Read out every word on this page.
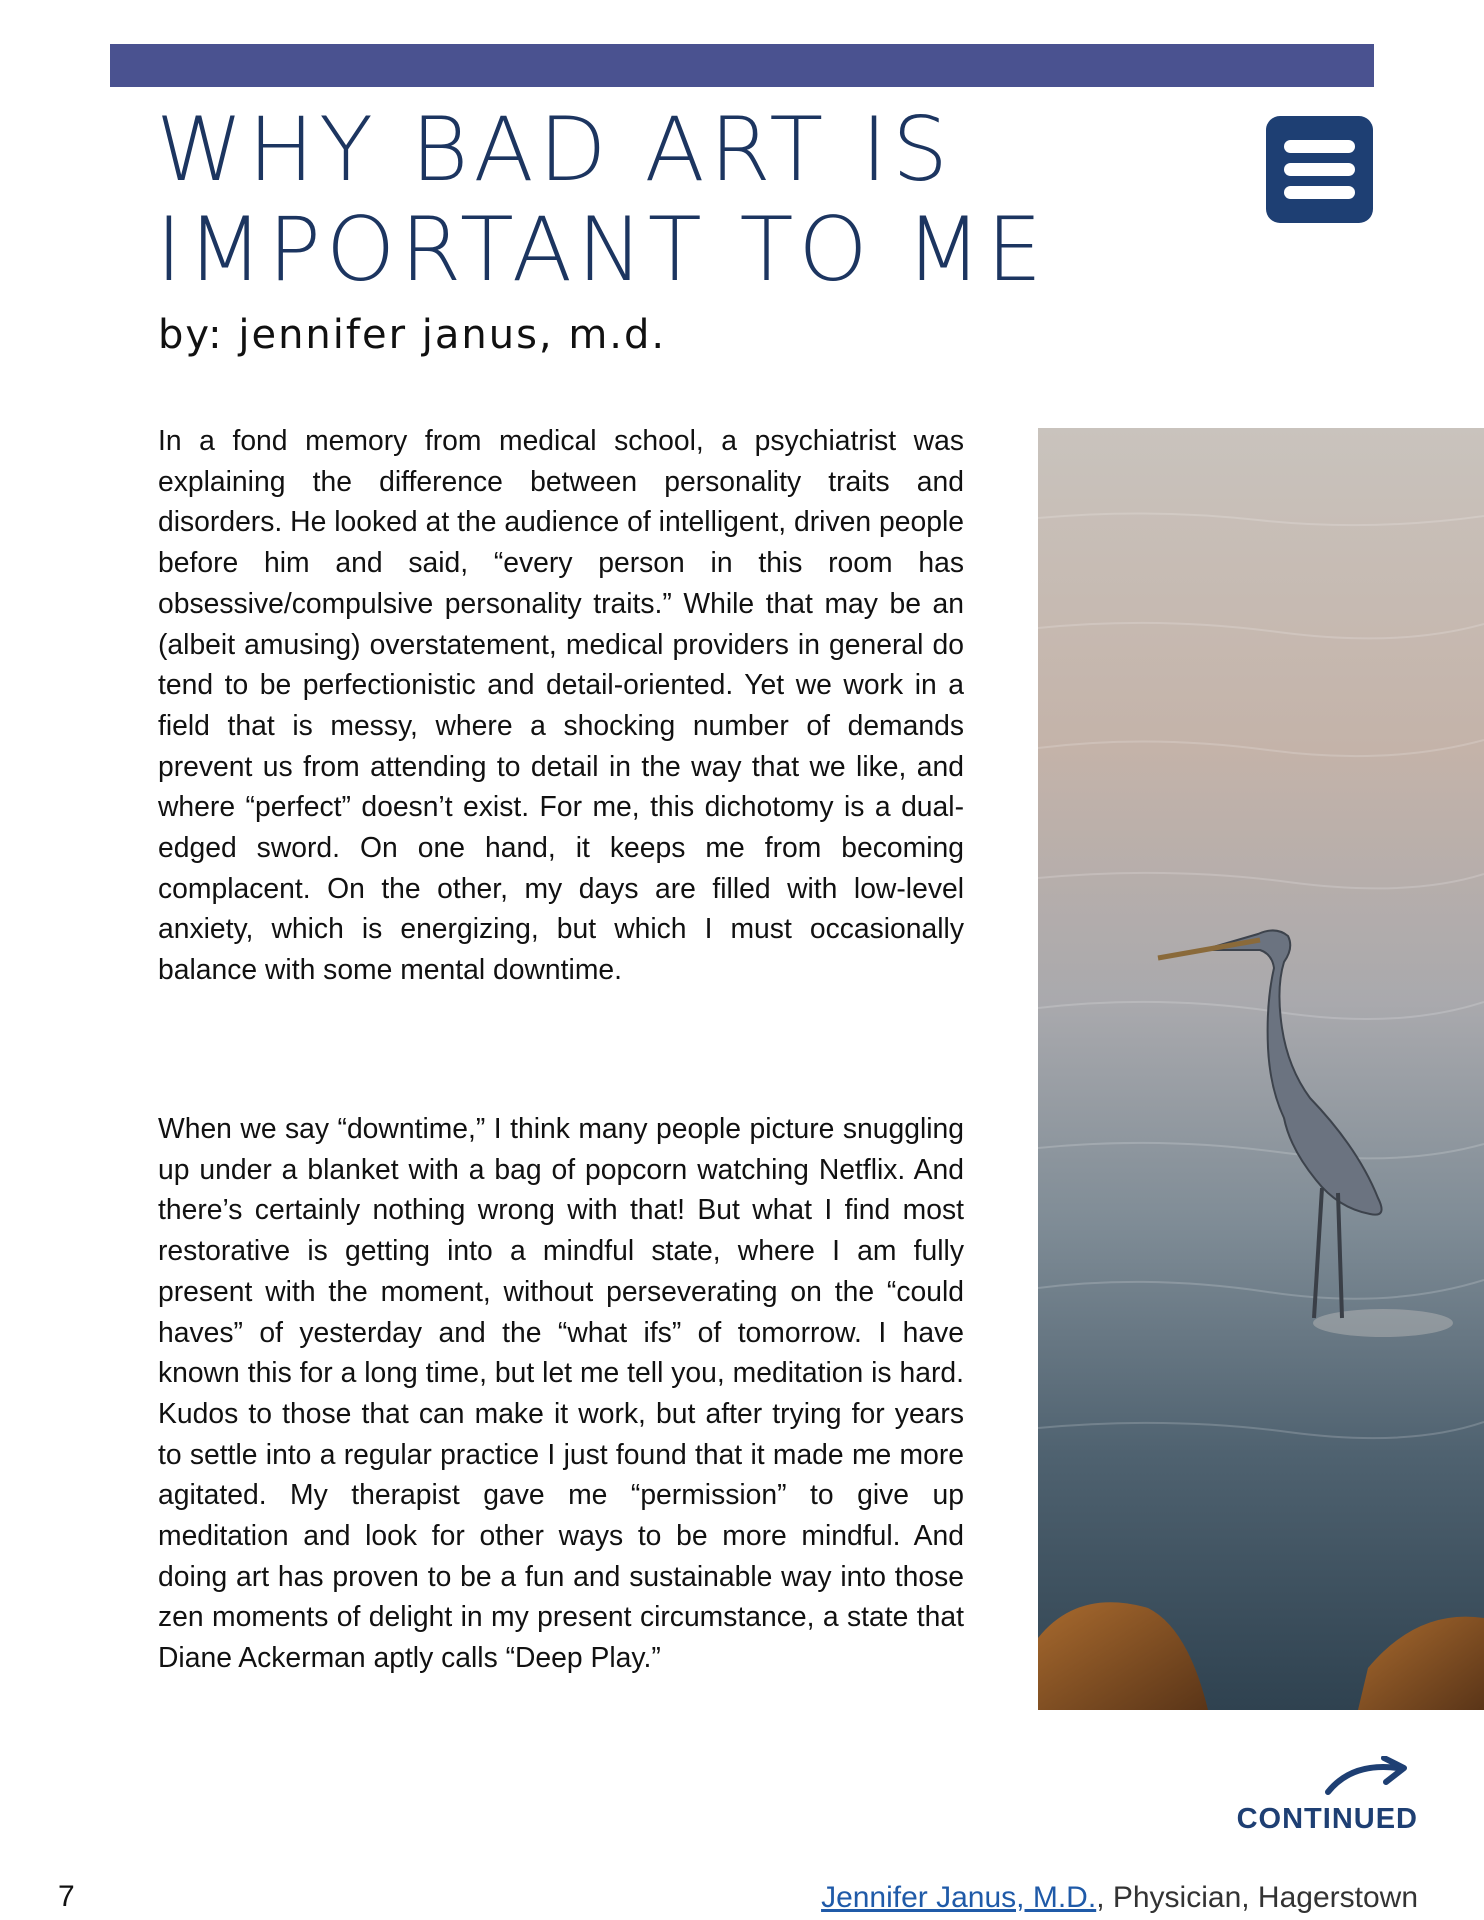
WHY BAD ART IS
IMPORTANT TO ME
by: jennifer janus, m.d.

In a fond memory from medical school, a psychiatrist was explaining the difference between personality traits and disorders. He looked at the audience of intelligent, driven people before him and said, “every person in this room has obsessive/compulsive personality traits.” While that may be an (albeit amusing) overstatement, medical providers in general do tend to be perfectionistic and detail-oriented. Yet we work in a field that is messy, where a shocking number of demands prevent us from attending to detail in the way that we like, and where “perfect” doesn’t exist. For me, this dichotomy is a dual-edged sword. On one hand, it keeps me from becoming complacent. On the other, my days are filled with low-level anxiety, which is energizing, but which I must occasionally balance with some mental downtime.

When we say “downtime,” I think many people picture snuggling up under a blanket with a bag of popcorn watching Netflix. And there’s certainly nothing wrong with that! But what I find most restorative is getting into a mindful state, where I am fully present with the moment, without perseverating on the “could haves” of yesterday and the “what ifs” of tomorrow. I have known this for a long time, but let me tell you, meditation is hard. Kudos to those that can make it work, but after trying for years to settle into a regular practice I just found that it made me more agitated. My therapist gave me “permission” to give up meditation and look for other ways to be more mindful. And doing art has proven to be a fun and sustainable way into those zen moments of delight in my present circumstance, a state that Diane Ackerman aptly calls “Deep Play.”

CONTINUED
7	Jennifer Janus, M.D., Physician, Hagerstown
